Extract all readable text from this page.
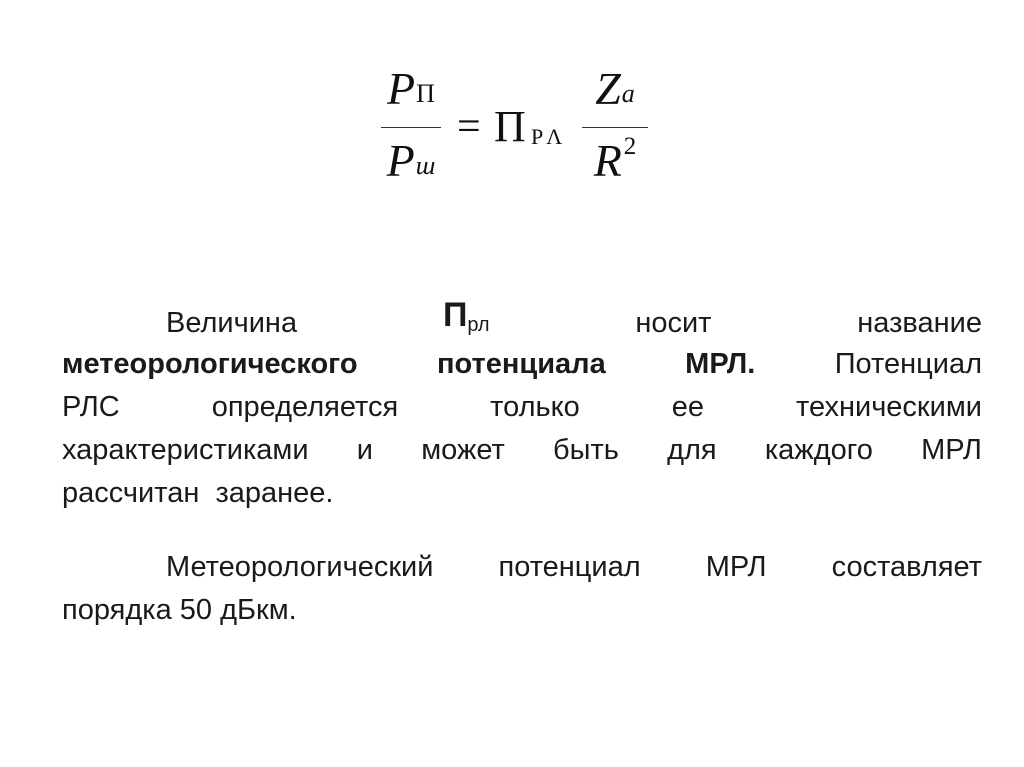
PП
Pш
= П РΛ
Za
R2
Величина	Прл	носит	название
метеорологического	потенциала	МРЛ.	Потенциал
РЛС	определяется	только	ее	техническими
характеристиками и может быть для каждого МРЛ
рассчитан  заранее.
Метеорологический потенциал МРЛ составляет
порядка 50 дБкм.
